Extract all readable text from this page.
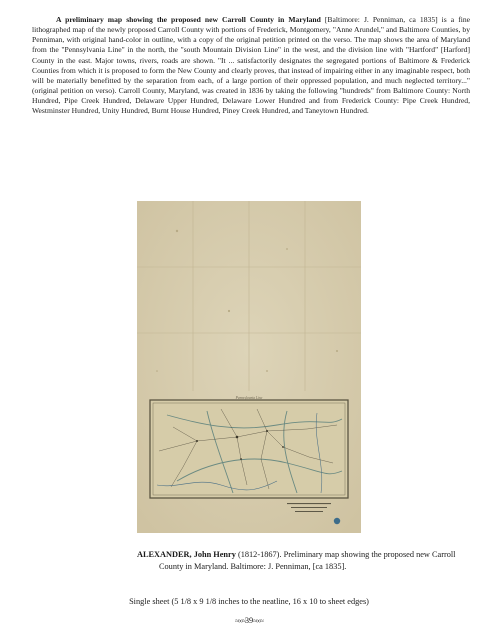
A preliminary map showing the proposed new Carroll County in Maryland [Baltimore: J. Penniman, ca 1835] is a fine lithographed map of the newly proposed Carroll County with portions of Frederick, Montgomery, "Anne Arundel," and Baltimore Counties, by Penniman, with original hand-color in outline, with a copy of the original petition printed on the verso. The map shows the area of Maryland from the "Pennsylvania Line" in the north, the "south Mountain Division Line" in the west, and the division line with "Hartford" [Harford] County in the east. Major towns, rivers, roads are shown. "It ... satisfactorily designates the segregated portions of Baltimore & Frederick Counties from which it is proposed to form the New County and clearly proves, that instead of impairing either in any imaginable respect, both will be materially benefitted by the separation from each, of a large portion of their oppressed population, and much neglected territory..." (original petition on verso). Carroll County, Maryland, was created in 1836 by taking the following "hundreds" from Baltimore County: North Hundred, Pipe Creek Hundred, Delaware Upper Hundred, Delaware Lower Hundred and from Frederick County: Pipe Creek Hundred, Westminster Hundred, Unity Hundred, Burnt House Hundred, Piney Creek Hundred, and Taneytown Hundred.

Pennsylvania Line

ALEXANDER, John Henry (1812-1867). Preliminary map showing the proposed new Carroll
County in Maryland. Baltimore: J. Penniman, [ca 1835].

Single sheet (5 1/8 x 9 1/8 inches to the neatline, 16 x 10 to sheet edges)

≈∞≈39≈∞≈
